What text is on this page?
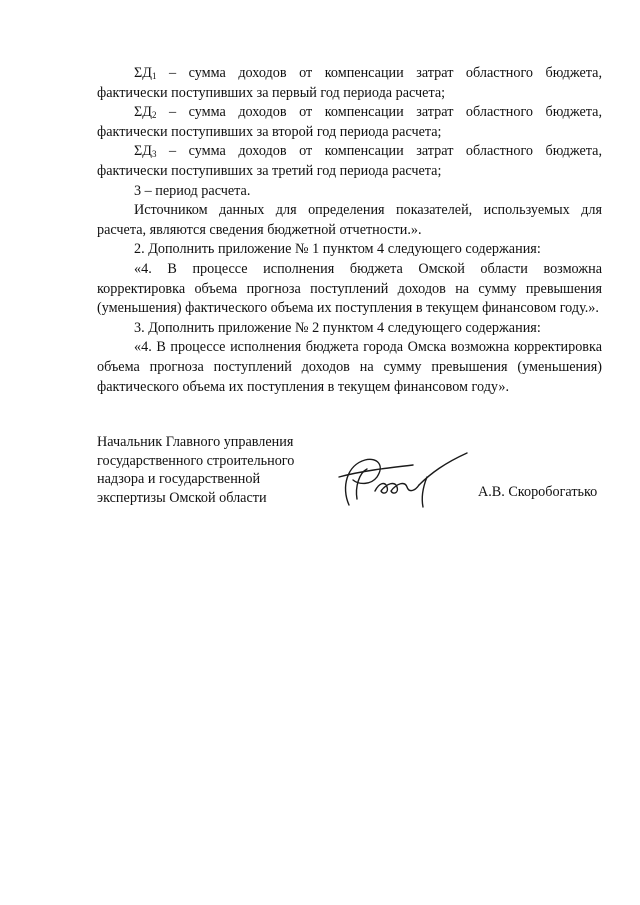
$\Sigma Д_1$ – сумма доходов от компенсации затрат областного бюджета, фактически поступивших за первый год периода расчета;

$\Sigma Д_2$ – сумма доходов от компенсации затрат областного бюджета, фактически поступивших за второй год периода расчета;

$\Sigma Д_3$ – сумма доходов от компенсации затрат областного бюджета, фактически поступивших за третий год периода расчета;

3 – период расчета.

Источником данных для определения показателей, используемых для расчета, являются сведения бюджетной отчетности.».

2. Дополнить приложение № 1 пунктом 4 следующего содержания:

«4. В процессе исполнения бюджета Омской области возможна корректировка объема прогноза поступлений доходов на сумму превышения (уменьшения) фактического объема их поступления в текущем финансовом году.».

3. Дополнить приложение № 2 пунктом 4 следующего содержания:

«4. В процессе исполнения бюджета города Омска возможна корректировка объема прогноза поступлений доходов на сумму превышения (уменьшения) фактического объема их поступления в текущем финансовом году».

Начальник Главного управления
государственного строительного
надзора и государственной
экспертизы Омской области	А.В. Скоробогатько
